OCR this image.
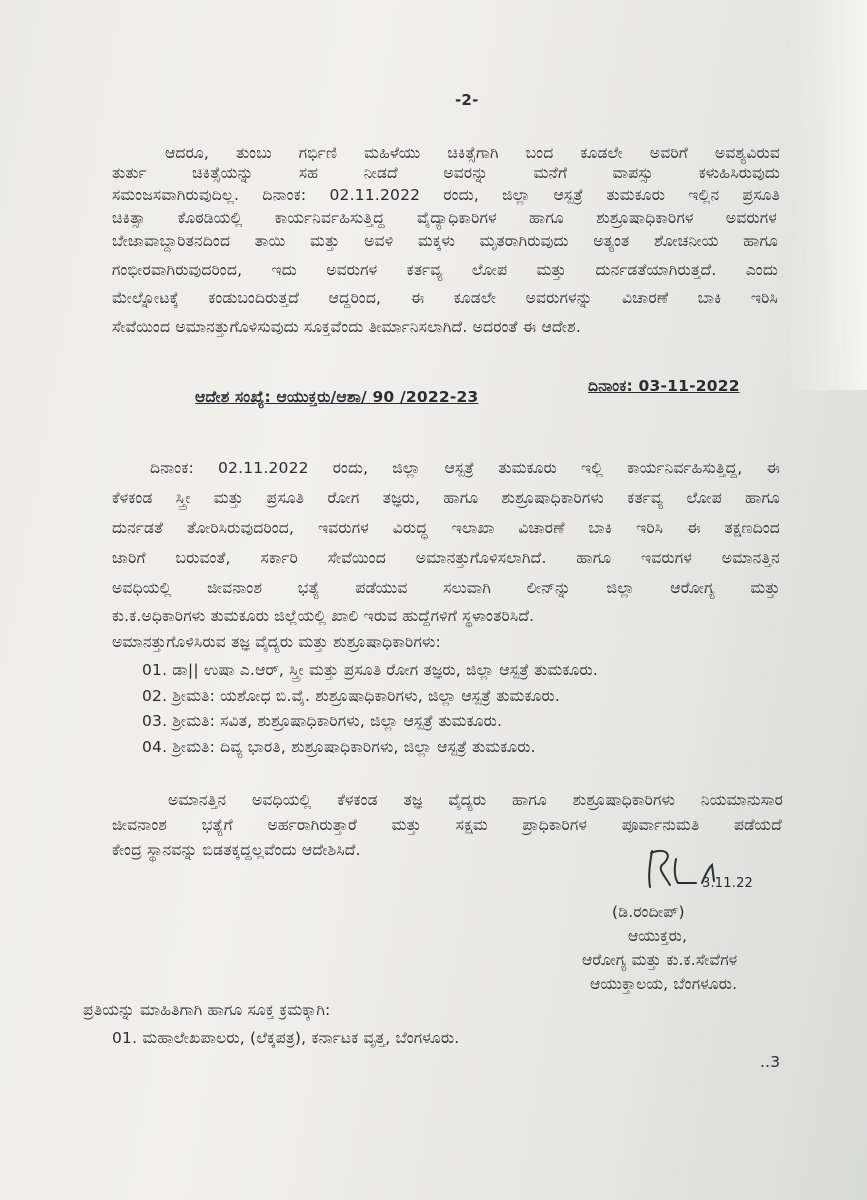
-2-
ಆದರೂ, ತುಂಬು ಗರ್ಭಿಣಿ ಮಹಿಳೆಯು ಚಿಕಿತ್ಸೆಗಾಗಿ ಬಂದ ಕೂಡಲೇ ಅವರಿಗೆ ಅವಶ್ಯವಿರುವ
ತುರ್ತು ಚಿಕಿತ್ಸೆಯನ್ನು ಸಹ ನೀಡದೆ ಅವರನ್ನು ಮನೆಗೆ ವಾಪಸ್ಸು ಕಳುಹಿಸಿರುವುದು
ಸಮಂಜಸವಾಗಿರುವುದಿಲ್ಲ. ದಿನಾಂಕ: 02.11.2022 ರಂದು, ಜಿಲ್ಲಾ ಆಸ್ಪತ್ರೆ ತುಮಕೂರು ಇಲ್ಲಿನ ಪ್ರಸೂತಿ
ಚಿಕಿತ್ಸಾ ಕೊಠಡಿಯಲ್ಲಿ ಕಾರ್ಯನಿರ್ವಹಿಸುತ್ತಿದ್ದ ವೈದ್ಯಾಧಿಕಾರಿಗಳ ಹಾಗೂ ಶುಶ್ರೂಷಾಧಿಕಾರಿಗಳ ಅವರುಗಳ
ಬೇಜಾವಾಬ್ದಾರಿತನದಿಂದ ತಾಯಿ ಮತ್ತು ಅವಳಿ ಮಕ್ಕಳು ಮೃತರಾಗಿರುವುದು ಅತ್ಯಂತ ಶೋಚನೀಯ ಹಾಗೂ
ಗಂಭೀರವಾಗಿರುವುದರಿಂದ, ಇದು ಅವರುಗಳ ಕರ್ತವ್ಯ ಲೋಪ ಮತ್ತು ದುರ್ನಡತೆಯಾಗಿರುತ್ತದೆ. ಎಂದು
ಮೇಲ್ನೋಟಕ್ಕೆ ಕಂಡುಬಂದಿರುತ್ತದೆ ಆದ್ದರಿಂದ, ಈ ಕೂಡಲೇ ಅವರುಗಳನ್ನು ವಿಚಾರಣೆ ಬಾಕಿ ಇರಿಸಿ
ಸೇವೆಯಿಂದ ಅಮಾನತ್ತುಗೊಳಿಸುವುದು ಸೂಕ್ತವೆಂದು ತೀರ್ಮಾನಿಸಲಾಗಿದೆ. ಅದರಂತೆ ಈ ಆದೇಶ.
ಆದೇಶ ಸಂಖ್ಯೆ: ಆಯುಕ್ತರು/ಆಶಾ/ 90 /2022-23
ದಿನಾಂಕ: 03-11-2022
ದಿನಾಂಕ: 02.11.2022 ರಂದು, ಜಿಲ್ಲಾ ಆಸ್ಪತ್ರೆ ತುಮಕೂರು ಇಲ್ಲಿ ಕಾರ್ಯನಿರ್ವಹಿಸುತ್ತಿದ್ದ, ಈ
ಕೆಳಕಂಡ ಸ್ತ್ರೀ ಮತ್ತು ಪ್ರಸೂತಿ ರೋಗ ತಜ್ಞರು, ಹಾಗೂ ಶುಶ್ರೂಷಾಧಿಕಾರಿಗಳು ಕರ್ತವ್ಯ ಲೋಪ ಹಾಗೂ
ದುರ್ನಡತೆ ತೋರಿಸಿರುವುದರಿಂದ, ಇವರುಗಳ ವಿರುದ್ಧ ಇಲಾಖಾ ವಿಚಾರಣೆ ಬಾಕಿ ಇರಿಸಿ ಈ ತಕ್ಷಣದಿಂದ
ಜಾರಿಗೆ ಬರುವಂತೆ, ಸರ್ಕಾರಿ ಸೇವೆಯಿಂದ ಅಮಾನತ್ತುಗೊಳಿಸಲಾಗಿದೆ. ಹಾಗೂ ಇವರುಗಳ ಅಮಾನತ್ತಿನ
ಅವಧಿಯಲ್ಲಿ ಜೀವನಾಂಶ ಭತ್ಯೆ ಪಡೆಯುವ ಸಲುವಾಗಿ ಲೀನ್‌ನ್ನು ಜಿಲ್ಲಾ ಆರೋಗ್ಯ ಮತ್ತು
ಕು.ಕ.ಅಧಿಕಾರಿಗಳು ತುಮಕೂರು ಜಿಲ್ಲೆಯಲ್ಲಿ ಖಾಲಿ ಇರುವ ಹುದ್ದೆಗಳಿಗೆ ಸ್ಥಳಾಂತರಿಸಿದೆ.
ಅಮಾನತ್ತುಗೊಳಿಸಿರುವ ತಜ್ಞ ವೈದ್ಯರು ಮತ್ತು ಶುಶ್ರೂಷಾಧಿಕಾರಿಗಳು:
01. ಡಾ|| ಉಷಾ ಎ.ಆರ್, ಸ್ತ್ರೀ ಮತ್ತು ಪ್ರಸೂತಿ ರೋಗ ತಜ್ಞರು, ಜಿಲ್ಲಾ ಆಸ್ಪತ್ರೆ ತುಮಕೂರು.
02. ಶ್ರೀಮತಿ: ಯಶೋಧ ಬಿ.ವೈ. ಶುಶ್ರೂಷಾಧಿಕಾರಿಗಳು, ಜಿಲ್ಲಾ ಆಸ್ಪತ್ರೆ ತುಮಕೂರು.
03. ಶ್ರೀಮತಿ: ಸವಿತ, ಶುಶ್ರೂಷಾಧಿಕಾರಿಗಳು, ಜಿಲ್ಲಾ ಆಸ್ಪತ್ರೆ ತುಮಕೂರು.
04. ಶ್ರೀಮತಿ: ದಿವ್ಯ ಭಾರತಿ, ಶುಶ್ರೂಷಾಧಿಕಾರಿಗಳು, ಜಿಲ್ಲಾ ಆಸ್ಪತ್ರೆ ತುಮಕೂರು.
ಅಮಾನತ್ತಿನ ಅವಧಿಯಲ್ಲಿ ಕೆಳಕಂಡ ತಜ್ಞ ವೈದ್ಯರು ಹಾಗೂ ಶುಶ್ರೂಷಾಧಿಕಾರಿಗಳು ನಿಯಮಾನುಸಾರ
ಜೀವನಾಂಶ ಭತ್ಯೆಗೆ ಅರ್ಹರಾಗಿರುತ್ತಾರೆ ಮತ್ತು ಸಕ್ಷಮ ಪ್ರಾಧಿಕಾರಿಗಳ ಪೂರ್ವಾನುಮತಿ ಪಡೆಯದೆ
ಕೇಂದ್ರ ಸ್ಥಾನವನ್ನು ಬಿಡತಕ್ಕದ್ದಲ್ಲವೆಂದು ಆದೇಶಿಸಿದೆ.
3.11.22
(ಡಿ.ರಂದೀಪ್)
ಆಯುಕ್ತರು,
ಆರೋಗ್ಯ ಮತ್ತು ಕು.ಕ.ಸೇವೆಗಳ
ಆಯುಕ್ತಾಲಯ, ಬೆಂಗಳೂರು.
ಪ್ರತಿಯನ್ನು ಮಾಹಿತಿಗಾಗಿ ಹಾಗೂ ಸೂಕ್ತ ಕ್ರಮಕ್ಕಾಗಿ:
01. ಮಹಾಲೇಖಪಾಲರು, (ಲೆಕ್ಕಪತ್ರ), ಕರ್ನಾಟಕ ವೃತ್ತ, ಬೆಂಗಳೂರು.
..3
